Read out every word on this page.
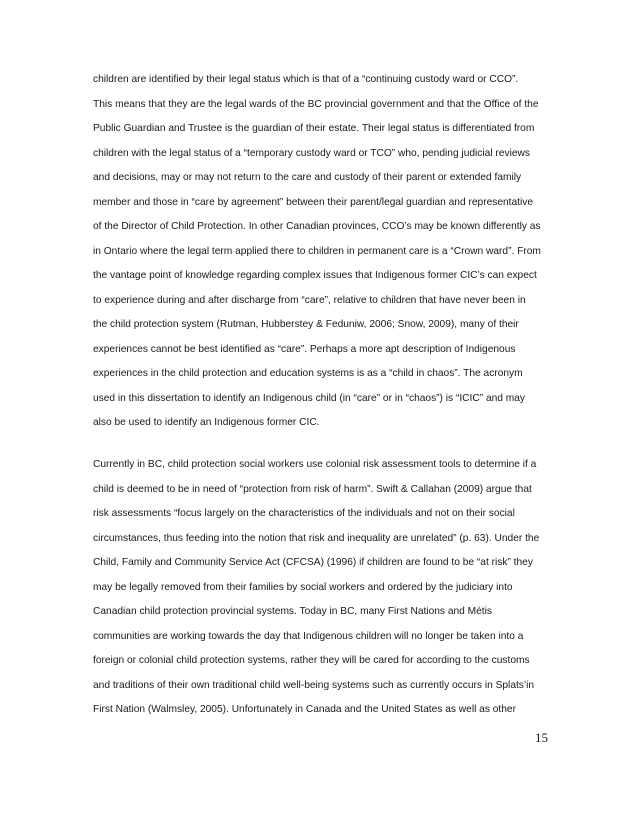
children are identified by their legal status which is that of a “continuing custody ward or CCO”.
This means that they are the legal wards of the BC provincial government and that the Office of the
Public Guardian and Trustee is the guardian of their estate. Their legal status is differentiated from
children with the legal status of a “temporary custody ward or TCO” who, pending judicial reviews
and decisions, may or may not return to the care and custody of their parent or extended family
member and those in “care by agreement” between their parent/legal guardian and representative
of the Director of Child Protection. In other Canadian provinces, CCO’s may be known differently as
in Ontario where the legal term applied there to children in permanent care is a “Crown ward”. From
the vantage point of knowledge regarding complex issues that Indigenous former CIC’s can expect
to experience during and after discharge from “care”, relative to children that have never been in
the child protection system (Rutman, Hubberstey & Feduniw, 2006; Snow, 2009), many of their
experiences cannot be best identified as “care”. Perhaps a more apt description of Indigenous
experiences in the child protection and education systems is as a “child in chaos”. The acronym
used in this dissertation to identify an Indigenous child (in “care” or in “chaos”) is “ICIC” and may
also be used to identify an Indigenous former CIC.
Currently in BC, child protection social workers use colonial risk assessment tools to determine if a
child is deemed to be in need of “protection from risk of harm”. Swift & Callahan (2009) argue that
risk assessments “focus largely on the characteristics of the individuals and not on their social
circumstances, thus feeding into the notion that risk and inequality are unrelated” (p. 63). Under the
Child, Family and Community Service Act (CFCSA) (1996) if children are found to be “at risk” they
may be legally removed from their families by social workers and ordered by the judiciary into
Canadian child protection provincial systems. Today in BC, many First Nations and Métis
communities are working towards the day that Indigenous children will no longer be taken into a
foreign or colonial child protection systems, rather they will be cared for according to the customs
and traditions of their own traditional child well-being systems such as currently occurs in Splats’in
First Nation (Walmsley, 2005). Unfortunately in Canada and the United States as well as other
15
